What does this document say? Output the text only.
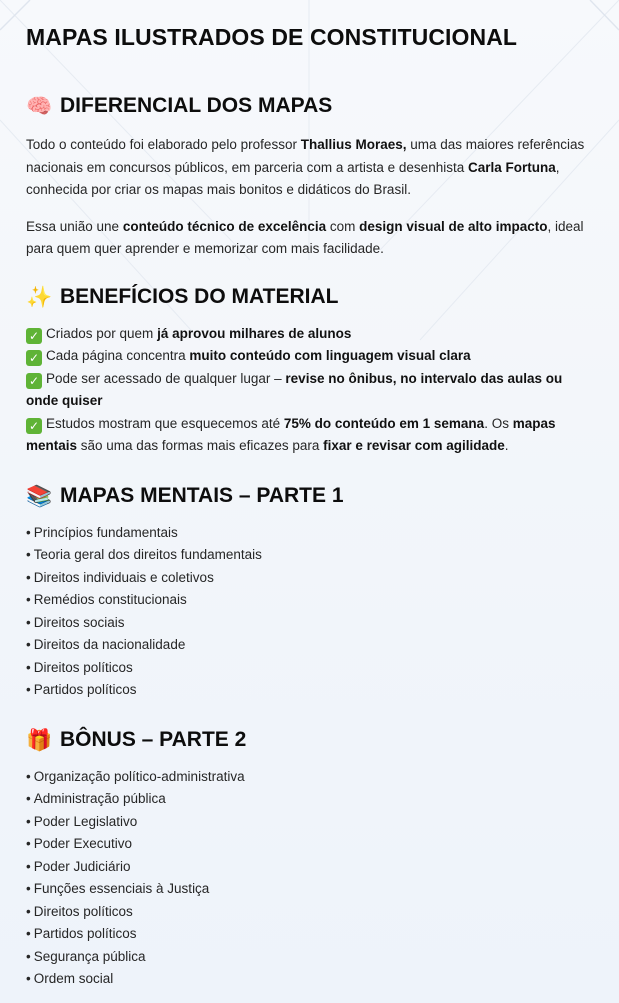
MAPAS ILUSTRADOS DE CONSTITUCIONAL
🧠 DIFERENCIAL DOS MAPAS

Todo o conteúdo foi elaborado pelo professor Thallius Moraes, uma das maiores referências nacionais em concursos públicos, em parceria com a artista e desenhista Carla Fortuna, conhecida por criar os mapas mais bonitos e didáticos do Brasil.

Essa união une conteúdo técnico de excelência com design visual de alto impacto, ideal para quem quer aprender e memorizar com mais facilidade.

✨ BENEFÍCIOS DO MATERIAL
✓ Criados por quem já aprovou milhares de alunos
✓ Cada página concentra muito conteúdo com linguagem visual clara
✓ Pode ser acessado de qualquer lugar – revise no ônibus, no intervalo das aulas ou onde quiser
✓ Estudos mostram que esquecemos até 75% do conteúdo em 1 semana. Os mapas mentais são uma das formas mais eficazes para fixar e revisar com agilidade.
📚 MAPAS MENTAIS – PARTE 1
• Princípios fundamentais
• Teoria geral dos direitos fundamentais
• Direitos individuais e coletivos
• Remédios constitucionais
• Direitos sociais
• Direitos da nacionalidade
• Direitos políticos
• Partidos políticos
🎁 BÔNUS – PARTE 2
• Organização político-administrativa
• Administração pública
• Poder Legislativo
• Poder Executivo
• Poder Judiciário
• Funções essenciais à Justiça
• Direitos políticos
• Partidos políticos
• Segurança pública
• Ordem social
